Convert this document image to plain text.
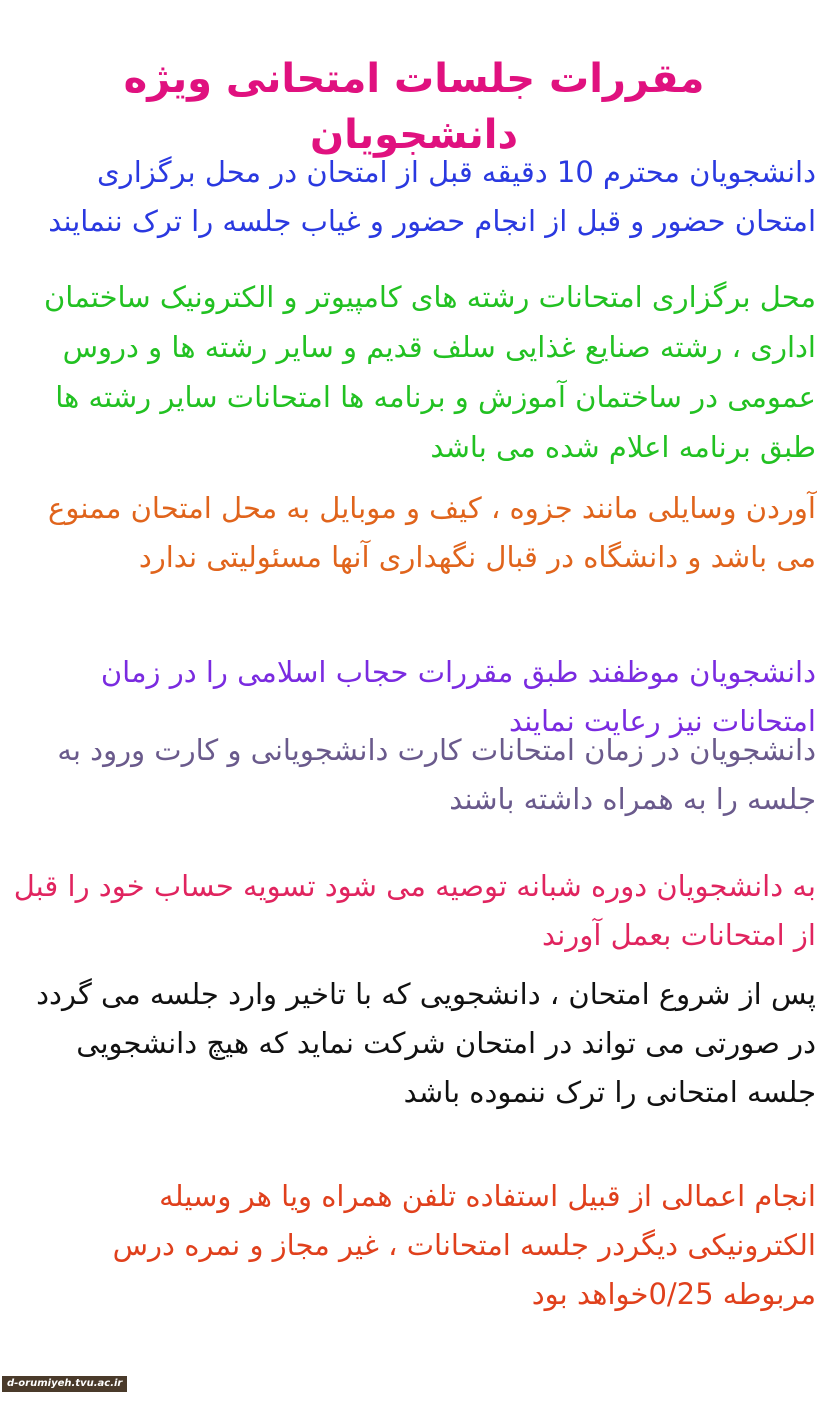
مقررات جلسات امتحانی ویژه دانشجویان

دانشجویان محترم 10 دقیقه قبل از امتحان در محل برگزاری امتحان حضور و قبل از انجام حضور و غیاب جلسه را ترک ننمایند

محل برگزاری امتحانات رشته های کامپیوتر و الکترونیک ساختمان اداری ، رشته صنایع غذایی سلف قدیم و سایر رشته ها و دروس عمومی در ساختمان آموزش و برنامه ها امتحانات سایر رشته ها طبق برنامه اعلام شده می باشد

آوردن وسایلی مانند جزوه ، کیف و موبایل به محل امتحان ممنوع می باشد و دانشگاه در قبال نگهداری آنها مسئولیتی ندارد

دانشجویان موظفند طبق مقررات حجاب اسلامی را در زمان امتحانات نیز رعایت نمایند

دانشجویان در زمان امتحانات کارت دانشجویانی و کارت ورود به جلسه را به همراه داشته باشند

به دانشجویان دوره شبانه توصیه می شود تسویه حساب خود را قبل از امتحانات بعمل آورند

پس از شروع امتحان ، دانشجویی که با تاخیر وارد جلسه می گردد در صورتی می تواند در امتحان شرکت نماید که هیچ دانشجویی جلسه امتحانی را ترک ننموده باشد

انجام اعمالی از قبیل استفاده تلفن همراه ویا هر وسیله الکترونیکی دیگردر جلسه امتحانات ، غیر مجاز و نمره درس مربوطه 0/25خواهد بود

d-orumiyeh.tvu.ac.ir
